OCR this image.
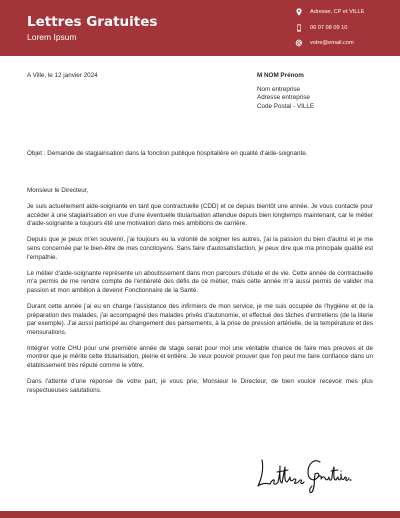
Lettres Gratuites
Lorem Ipsum
Adresse, CP et VILLE
06 07 08 09 10
votre@email.com
A Ville, le 12 janvier 2024	M NOM Prénom
Nom entreprise
Adresse entreprise
Code Postal - VILLE
Objet : Demande de stagiairisation dans la fonction publique hospitalière en qualité d'aide-soignante.

Monsieur le Directeur,

Je suis actuellement aide-soignante en tant que contractuelle (CDD) et ce depuis bientôt une année. Je vous contacte pour accéder à une stagiairisation en vue d'une éventuelle titularisation attendue depuis bien longtemps maintenant, car le métier d'aide-soignante a toujours été une motivation dans mes ambitions de carrière.

Depuis que je peux m'en souvenir, j'ai toujours eu la volonté de soigner les autres, j'ai la passion du bien d'autrui et je me sens concernée par le bien-être de mes concitoyens. Sans faire d'autosatisfaction, je peux dire que ma principale qualité est l'empathie.

Le métier d'aide-soignante représente un aboutissement dans mon parcours d'étude et de vie. Cette année de contractuelle m'a permis de me rendre compte de l'entièreté des défis de ce métier, mais cette année m'a aussi permis de valider ma passion et mon ambition à devenir Fonctionnaire de la Santé.

Durant cette année j'ai eu en charge l'assistance des infirmiers de mon service, je me suis occupée de l'hygiène et de la préparation des malades, j'ai accompagné des malades privés d'autonomie, et effectué des tâches d'entretiens (de la literie par exemple). J'ai aussi participé au changement des pansements, à la prise de pression artérielle, de la température et des mensurations.

Intégrer votre CHU pour une première année de stage serait pour moi une véritable chance de faire mes preuves et de montrer que je mérite cette titularisation, pleine et entière. Je veux pouvoir prouver que l'on peut me faire confiance dans un établissement très réputé comme le vôtre.

Dans l'attente d'une réponse de votre part, je vous prie, Monsieur le Directeur, de bien vouloir recevoir mes plus respectueuses salutations.
